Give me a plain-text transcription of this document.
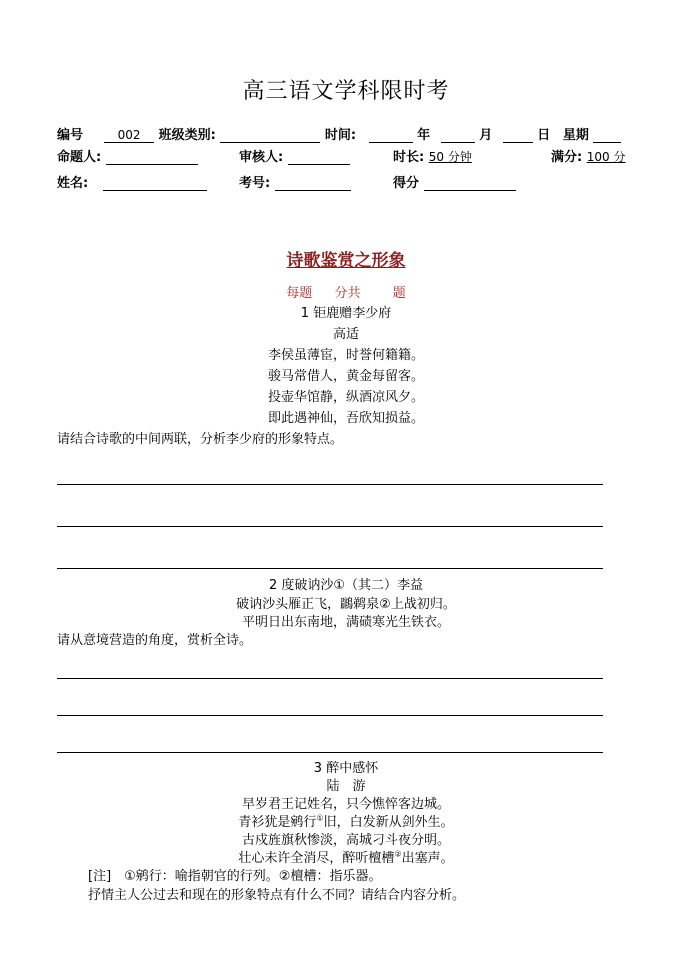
高三语文学科限时考
编号	002 班级类别:	时间:	年	月	日 星期
命题人:	审核人:	时长: 50 分钟	满分: 100 分
姓名:	考号:	得分
诗歌鉴赏之形象
每题 分共 题
1 钜鹿赠李少府
高适
李侯虽薄宦，时誉何籍籍。
骏马常借人，黄金每留客。
投壶华馆静，纵酒凉风夕。
即此遇神仙，吾欣知损益。
请结合诗歌的中间两联，分析李少府的形象特点。
2 度破讷沙①（其二）李益
破讷沙头雁正飞，鸊鹈泉②上战初归。
平明日出东南地，满碛寒光生铁衣。
请从意境营造的角度，赏析全诗。
3 醉中感怀
陆　游
早岁君王记姓名，只今憔悴客边城。
青衫犹是鹓行①旧，白发新从剑外生。
古戍旌旗秋惨淡，高城刁斗夜分明。
壮心未许全消尽，醉听檀槽②出塞声。
[注]　①鹓行：喻指朝官的行列。②檀槽：指乐器。
抒情主人公过去和现在的形象特点有什么不同？请结合内容分析。
